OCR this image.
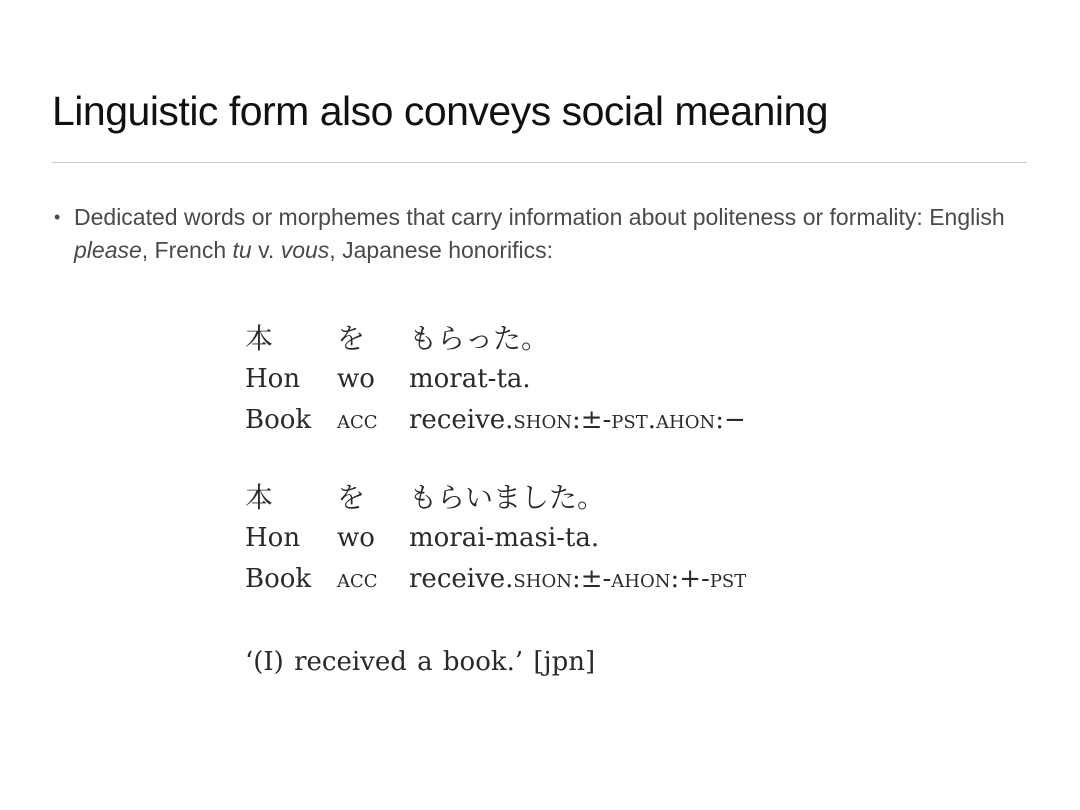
Linguistic form also conveys social meaning
• Dedicated words or morphemes that carry information about politeness or formality: English please, French tu v. vous, Japanese honorifics:
本 を もらった。
Hon wo morat-ta.
Book acc receive.shon:±-pst.ahon:−
本 を もらいました。
Hon wo morai-masi-ta.
Book acc receive.shon:±-ahon:+-pst
‘(I) received a book.’ [jpn]
